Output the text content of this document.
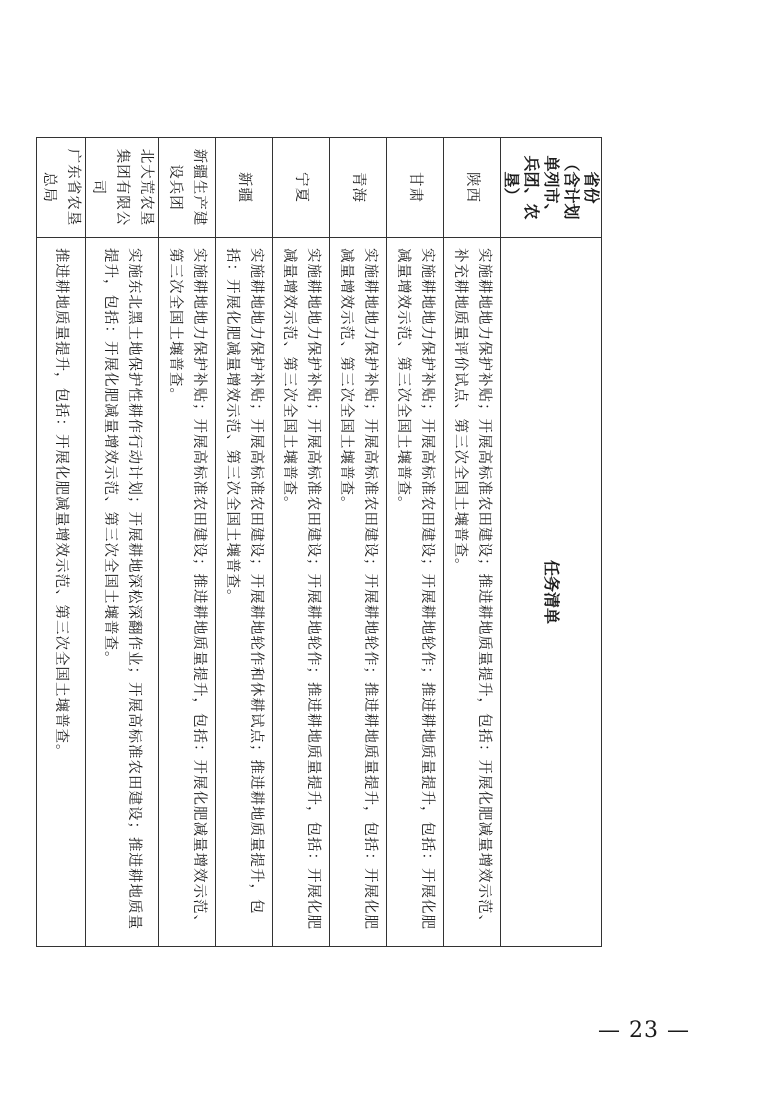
省份
（含计划单列市、
兵团、农垦）	任务清单
陕西	实施耕地地力保护补贴；开展高标准农田建设；推进耕地质量提升，包括：开展化肥减量增效示范、补充耕地质量评价试点、第三次全国土壤普查。
甘肃	实施耕地地力保护补贴；开展高标准农田建设；开展耕地轮作；推进耕地质量提升，包括：开展化肥减量增效示范、第三次全国土壤普查。
青海	实施耕地地力保护补贴；开展高标准农田建设；开展耕地轮作；推进耕地质量提升，包括：开展化肥减量增效示范、第三次全国土壤普查。
宁夏	实施耕地地力保护补贴；开展高标准农田建设；开展耕地轮作；推进耕地质量提升，包括：开展化肥减量增效示范、第三次全国土壤普查。
新疆	实施耕地地力保护补贴；开展高标准农田建设；开展耕地轮作和休耕试点；推进耕地质量提升，包括：开展化肥减量增效示范、第三次全国土壤普查。
新疆生产建设兵团	实施耕地地力保护补贴；开展高标准农田建设；推进耕地质量提升，包括：开展化肥减量增效示范、第三次全国土壤普查。
北大荒农垦集团有限公司	实施东北黑土地保护性耕作行动计划；开展耕地深松深翻作业；开展高标准农田建设；推进耕地质量提升，包括：开展化肥减量增效示范、第三次全国土壤普查。
广东省农垦总局	推进耕地质量提升，包括：开展化肥减量增效示范、第三次全国土壤普查。
— 23 —
